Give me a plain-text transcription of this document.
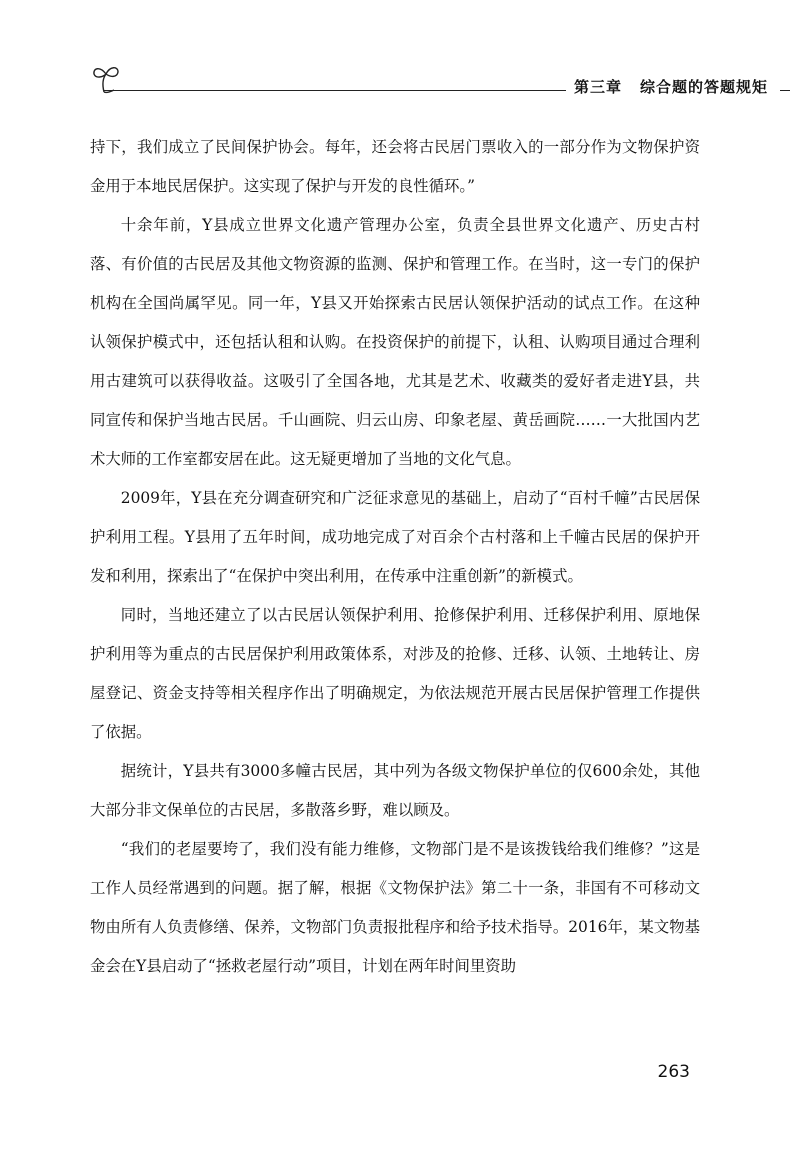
第三章 综合题的答题规矩

持下，我们成立了民间保护协会。每年，还会将古民居门票收入的一部分作为文物保护资金用于本地民居保护。这实现了保护与开发的良性循环。”

十余年前，Y县成立世界文化遗产管理办公室，负责全县世界文化遗产、历史古村落、有价值的古民居及其他文物资源的监测、保护和管理工作。在当时，这一专门的保护机构在全国尚属罕见。同一年，Y县又开始探索古民居认领保护活动的试点工作。在这种认领保护模式中，还包括认租和认购。在投资保护的前提下，认租、认购项目通过合理利用古建筑可以获得收益。这吸引了全国各地，尤其是艺术、收藏类的爱好者走进Y县，共同宣传和保护当地古民居。千山画院、归云山房、印象老屋、黄岳画院……一大批国内艺术大师的工作室都安居在此。这无疑更增加了当地的文化气息。

2009年，Y县在充分调查研究和广泛征求意见的基础上，启动了“百村千幢”古民居保护利用工程。Y县用了五年时间，成功地完成了对百余个古村落和上千幢古民居的保护开发和利用，探索出了“在保护中突出利用，在传承中注重创新”的新模式。

同时，当地还建立了以古民居认领保护利用、抢修保护利用、迁移保护利用、原地保护利用等为重点的古民居保护利用政策体系，对涉及的抢修、迁移、认领、土地转让、房屋登记、资金支持等相关程序作出了明确规定，为依法规范开展古民居保护管理工作提供了依据。

据统计，Y县共有3000多幢古民居，其中列为各级文物保护单位的仅600余处，其他大部分非文保单位的古民居，多散落乡野，难以顾及。

“我们的老屋要垮了，我们没有能力维修，文物部门是不是该拨钱给我们维修？”这是工作人员经常遇到的问题。据了解，根据《文物保护法》第二十一条，非国有不可移动文物由所有人负责修缮、保养，文物部门负责报批程序和给予技术指导。2016年，某文物基金会在Y县启动了“拯救老屋行动”项目，计划在两年时间里资助

263
